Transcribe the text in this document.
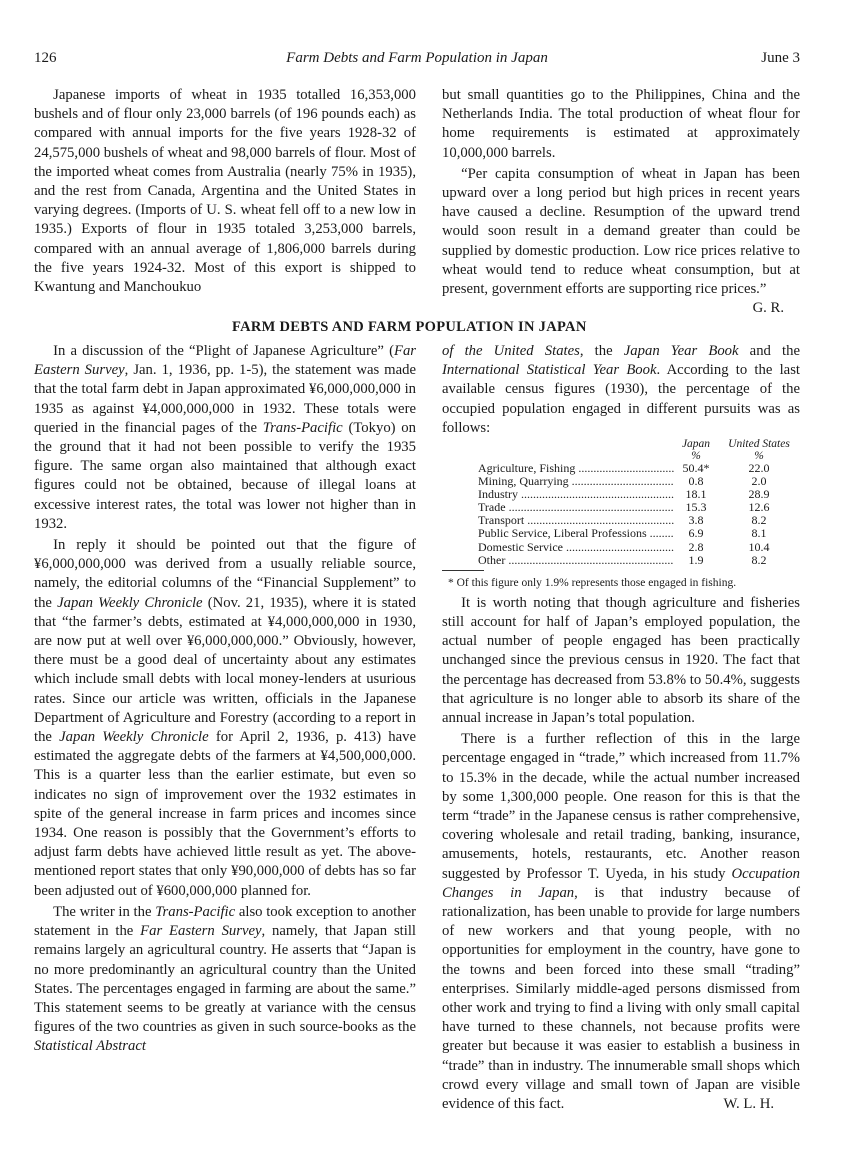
126	Farm Debts and Farm Population in Japan	June 3

Japanese imports of wheat in 1935 totalled 16,353,000 bushels and of flour only 23,000 barrels (of 196 pounds each) as compared with annual imports for the five years 1928-32 of 24,575,000 bushels of wheat and 98,000 barrels of flour. Most of the imported wheat comes from Australia (nearly 75% in 1935), and the rest from Canada, Argentina and the United States in varying degrees. (Imports of U. S. wheat fell off to a new low in 1935.) Exports of flour in 1935 totaled 3,253,000 barrels, compared with an annual average of 1,806,000 barrels during the five years 1924-32. Most of this export is shipped to Kwantung and Manchoukuo

but small quantities go to the Philippines, China and the Netherlands India. The total production of wheat flour for home requirements is estimated at approximately 10,000,000 barrels.

“Per capita consumption of wheat in Japan has been upward over a long period but high prices in recent years have caused a decline. Resumption of the upward trend would soon result in a demand greater than could be supplied by domestic production. Low rice prices relative to wheat would tend to reduce wheat consumption, but at present, government efforts are supporting rice prices.”
G. R.

FARM DEBTS AND FARM POPULATION IN JAPAN

In a discussion of the “Plight of Japanese Agriculture” (Far Eastern Survey, Jan. 1, 1936, pp. 1-5), the statement was made that the total farm debt in Japan approximated ¥6,000,000,000 in 1935 as against ¥4,000,000,000 in 1932. These totals were queried in the financial pages of the Trans-Pacific (Tokyo) on the ground that it had not been possible to verify the 1935 figure. The same organ also maintained that although exact figures could not be obtained, because of illegal loans at excessive interest rates, the total was lower not higher than in 1932.

In reply it should be pointed out that the figure of ¥6,000,000,000 was derived from a usually reliable source, namely, the editorial columns of the “Financial Supplement” to the Japan Weekly Chronicle (Nov. 21, 1935), where it is stated that “the farmer’s debts, estimated at ¥4,000,000,000 in 1930, are now put at well over ¥6,000,000,000.” Obviously, however, there must be a good deal of uncertainty about any estimates which include small debts with local money-lenders at usurious rates. Since our article was written, officials in the Japanese Department of Agriculture and Forestry (according to a report in the Japan Weekly Chronicle for April 2, 1936, p. 413) have estimated the aggregate debts of the farmers at ¥4,500,000,000. This is a quarter less than the earlier estimate, but even so indicates no sign of improvement over the 1932 estimates in spite of the general increase in farm prices and incomes since 1934. One reason is possibly that the Government’s efforts to adjust farm debts have achieved little result as yet. The above-mentioned report states that only ¥90,000,000 of debts has so far been adjusted out of ¥600,000,000 planned for.

The writer in the Trans-Pacific also took exception to another statement in the Far Eastern Survey, namely, that Japan still remains largely an agricultural country. He asserts that “Japan is no more predominantly an agricultural country than the United States. The percentages engaged in farming are about the same.” This statement seems to be greatly at variance with the census figures of the two countries as given in such source-books as the Statistical Abstract

of the United States, the Japan Year Book and the International Statistical Year Book. According to the last available census figures (1930), the percentage of the occupied population engaged in different pursuits was as follows:

Japan
%
United States
%
Agriculture, Fishing .....	50.4*	22.0
Mining, Quarrying .....	0.8	2.0
Industry .....	18.1	28.9
Trade .....	15.3	12.6
Transport .....	3.8	8.2
Public Service, Liberal Professions .....	6.9	8.1
Domestic Service .....	2.8	10.4
Other .....	1.9	8.2
* Of this figure only 1.9% represents those engaged in fishing.

It is worth noting that though agriculture and fisheries still account for half of Japan’s employed population, the actual number of people engaged has been practically unchanged since the previous census in 1920. The fact that the percentage has decreased from 53.8% to 50.4%, suggests that agriculture is no longer able to absorb its share of the annual increase in Japan’s total population.

There is a further reflection of this in the large percentage engaged in “trade,” which increased from 11.7% to 15.3% in the decade, while the actual number increased by some 1,300,000 people. One reason for this is that the term “trade” in the Japanese census is rather comprehensive, covering wholesale and retail trading, banking, insurance, amusements, hotels, restaurants, etc. Another reason suggested by Professor T. Uyeda, in his study Occupation Changes in Japan, is that industry because of rationalization, has been unable to provide for large numbers of new workers and that young people, with no opportunities for employment in the country, have gone to the towns and been forced into these small “trading” enterprises. Similarly middle-aged persons dismissed from other work and trying to find a living with only small capital have turned to these channels, not because profits were greater but because it was easier to establish a business in “trade” than in industry. The innumerable small shops which crowd every village and small town of Japan are visible evidence of this fact.	W. L. H.
